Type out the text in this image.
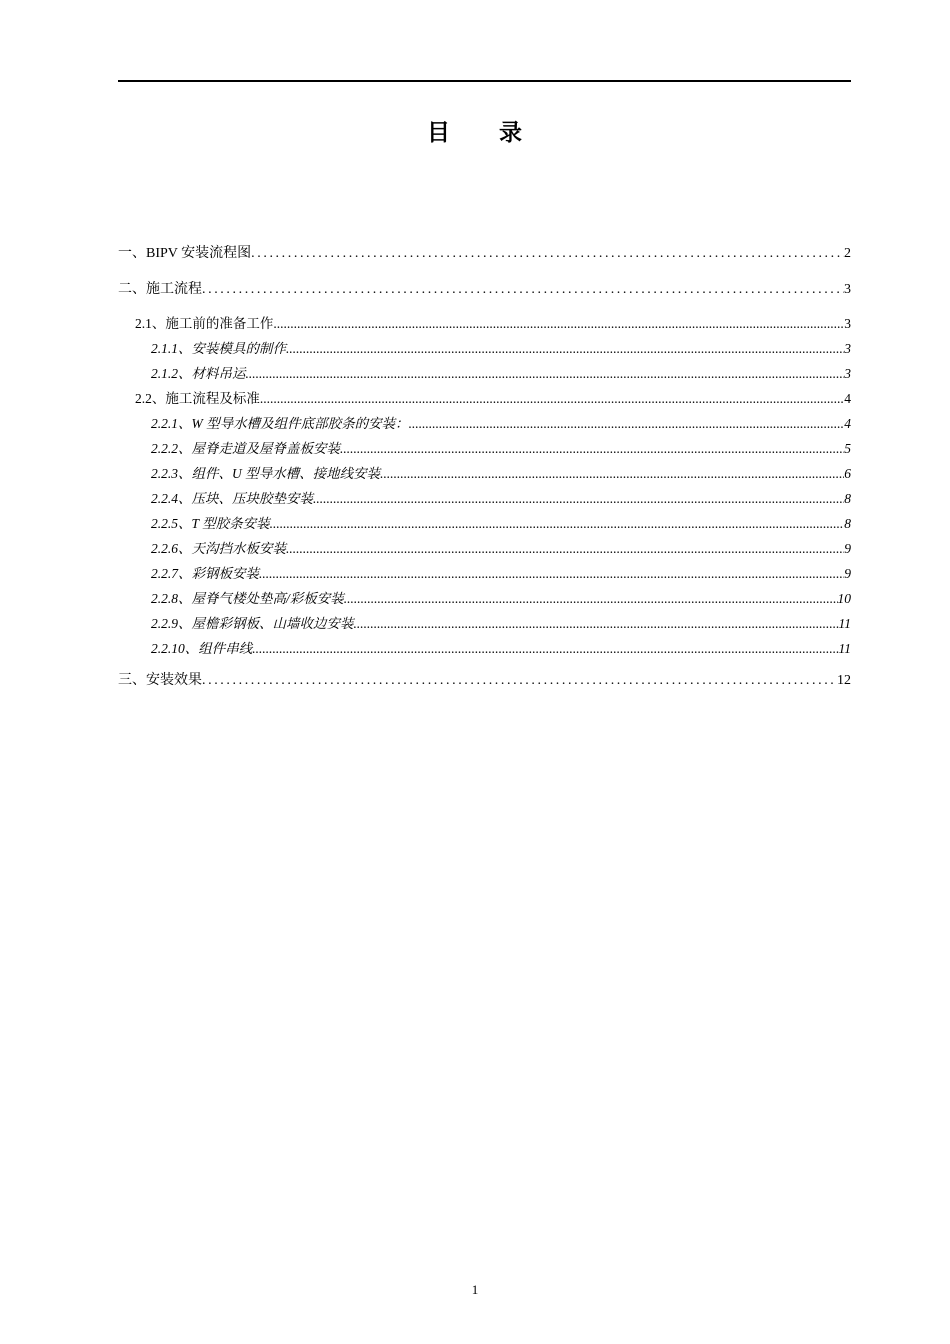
目　　录
一、BIPV 安装流程图 .....	2
二、施工流程 .....	3
2.1、施工前的准备工作 .....	3
2.1.1、安装模具的制作 .....	3
2.1.2、材料吊运 .....	3
2.2、施工流程及标准 .....	4
2.2.1、W 型导水槽及组件底部胶条的安装： .....	4
2.2.2、屋脊走道及屋脊盖板安装 .....	5
2.2.3、组件、U 型导水槽、接地线安装 .....	6
2.2.4、压块、压块胶垫安装 .....	8
2.2.5、T 型胶条安装 .....	8
2.2.6、天沟挡水板安装 .....	9
2.2.7、彩钢板安装 .....	9
2.2.8、屋脊气楼处垫高/彩板安装 .....	10
2.2.9、屋檐彩钢板、山墙收边安装 .....	11
2.2.10、组件串线 .....	11
三、安装效果 .....	12
1
